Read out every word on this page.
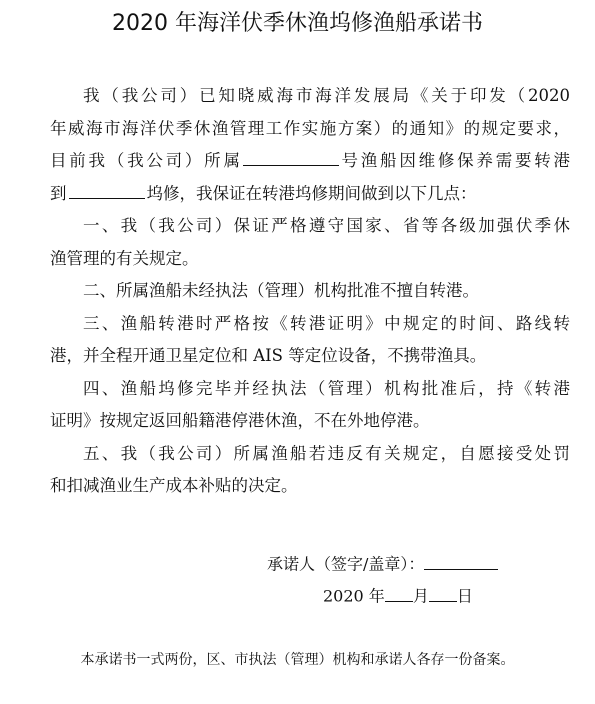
2020 年海洋伏季休渔坞修渔船承诺书
我（我公司）已知晓威海市海洋发展局《关于印发（2020
年威海市海洋伏季休渔管理工作实施方案）的通知》的规定要求，
目前我（我公司）所属	号渔船因维修保养需要转港
到	坞修，我保证在转港坞修期间做到以下几点：
一、我（我公司）保证严格遵守国家、省等各级加强伏季休
渔管理的有关规定。
二、所属渔船未经执法（管理）机构批准不擅自转港。
三、渔船转港时严格按《转港证明》中规定的时间、路线转
港，并全程开通卫星定位和 AIS 等定位设备，不携带渔具。
四、渔船坞修完毕并经执法（管理）机构批准后，持《转港
证明》按规定返回船籍港停港休渔，不在外地停港。
五、我（我公司）所属渔船若违反有关规定，自愿接受处罚
和扣减渔业生产成本补贴的决定。
承诺人（签字/盖章）：
2020 年 月 日
本承诺书一式两份，区、市执法（管理）机构和承诺人各存一份备案。
